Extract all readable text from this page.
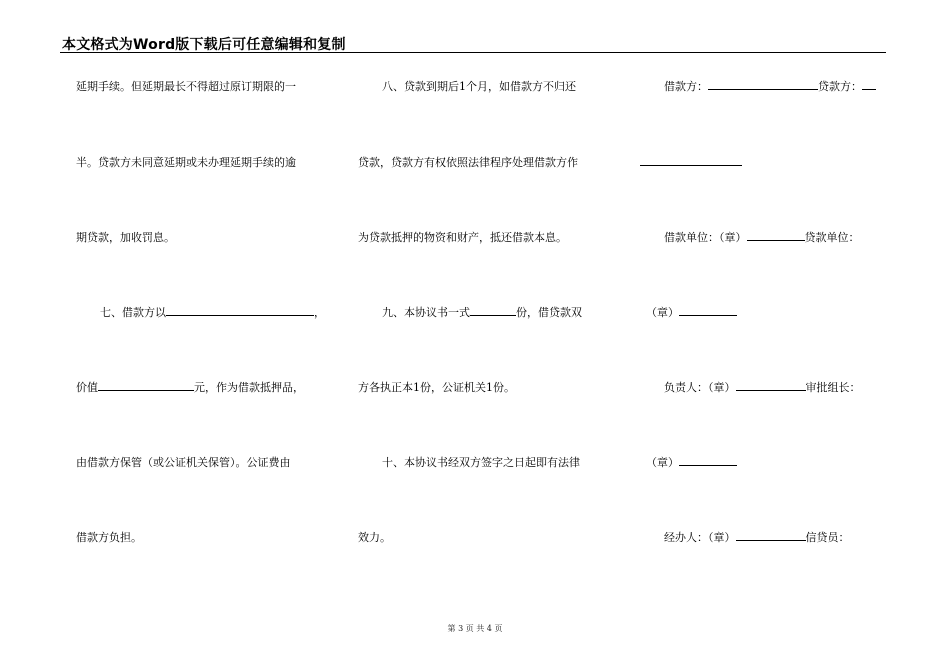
本文格式为Word版下载后可任意编辑和复制
延期手续。但延期最长不得超过原订期限的一
半。贷款方未同意延期或未办理延期手续的逾
期贷款，加收罚息。
七、借款方以	，
价值	元，作为借款抵押品，
由借款方保管（或公证机关保管）。公证费由
借款方负担。
八、贷款到期后1个月，如借款方不归还
贷款，贷款方有权依照法律程序处理借款方作
为贷款抵押的物资和财产，抵还借款本息。
九、本协议书一式	份，借贷款双
方各执正本1份，公证机关1份。
十、本协议书经双方签字之日起即有法律
效力。
借款方：	贷款方：
借款单位：（章）	贷款单位：
（章）
负责人：（章）	审批组长：
（章）
经办人：（章）	信贷员：
第 3 页 共 4 页
